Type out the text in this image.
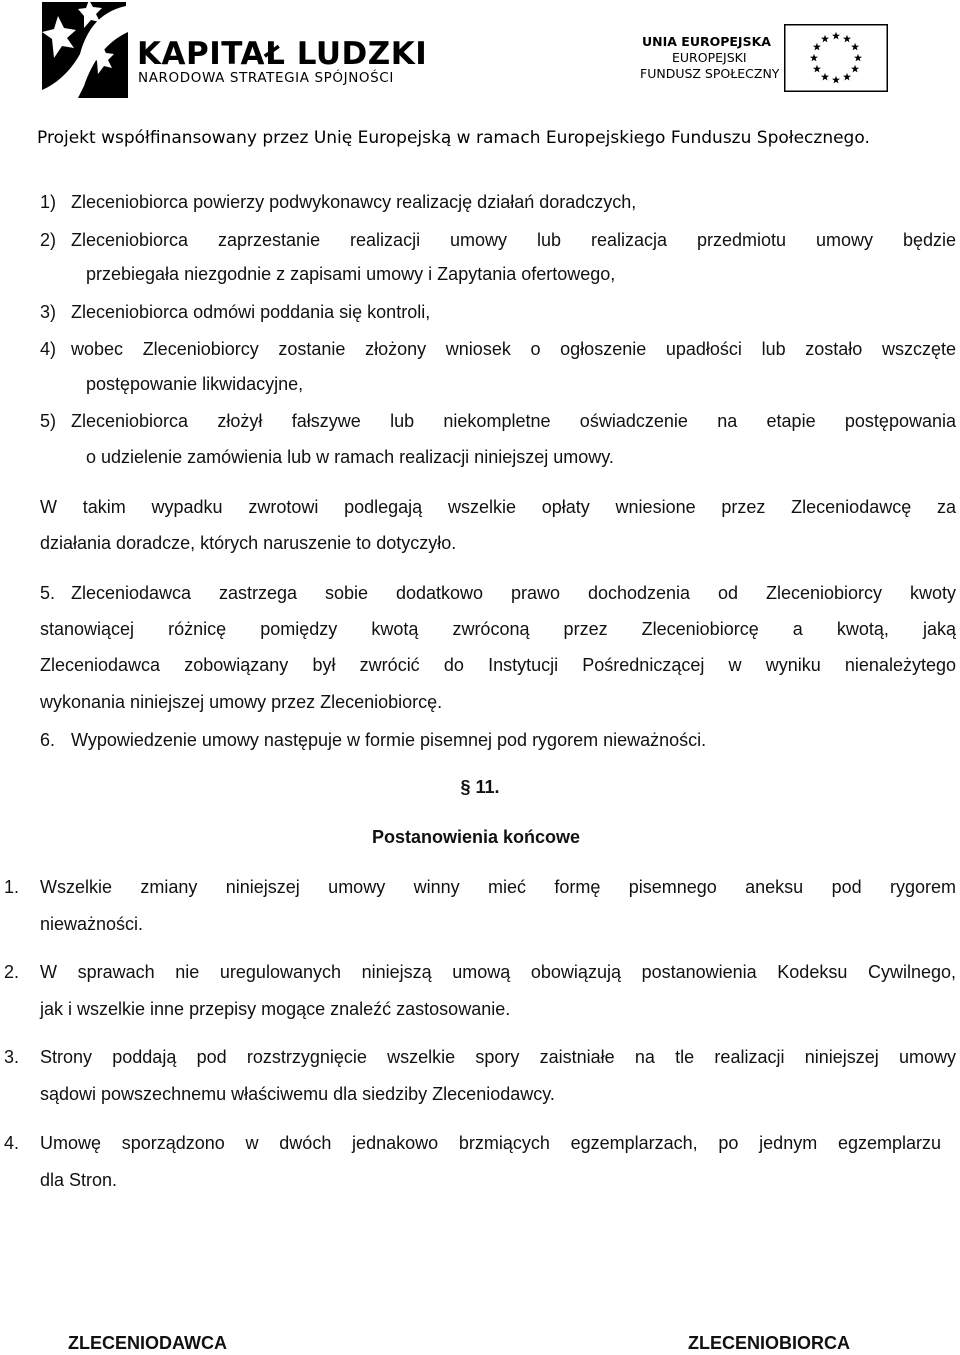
KAPITAŁ LUDZKI
NARODOWA STRATEGIA SPÓJNOŚCI
UNIA EUROPEJSKA
EUROPEJSKI
FUNDUSZ SPOŁECZNY
Projekt współfinansowany przez Unię Europejską w ramach Europejskiego Funduszu Społecznego.
1) Zleceniobiorca powierzy podwykonawcy realizację działań doradczych,
2) Zleceniobiorca zaprzestanie realizacji umowy lub realizacja przedmiotu umowy będzie
przebiegała niezgodnie z zapisami umowy i Zapytania ofertowego,
3) Zleceniobiorca odmówi poddania się kontroli,
4) wobec Zleceniobiorcy zostanie złożony wniosek o ogłoszenie upadłości lub zostało wszczęte
postępowanie likwidacyjne,
5) Zleceniobiorca złożył fałszywe lub niekompletne oświadczenie na etapie postępowania
o udzielenie zamówienia lub w ramach realizacji niniejszej umowy.
W takim wypadku zwrotowi podlegają wszelkie opłaty wniesione przez Zleceniodawcę za
działania doradcze, których naruszenie to dotyczyło.
5. Zleceniodawca zastrzega sobie dodatkowo prawo dochodzenia od Zleceniobiorcy kwoty
stanowiącej różnicę pomiędzy kwotą zwróconą przez Zleceniobiorcę a kwotą, jaką
Zleceniodawca zobowiązany był zwrócić do Instytucji Pośredniczącej w wyniku nienależytego
wykonania niniejszej umowy przez Zleceniobiorcę.
6. Wypowiedzenie umowy następuje w formie pisemnej pod rygorem nieważności.
§ 11.
Postanowienia końcowe
1. Wszelkie zmiany niniejszej umowy winny mieć formę pisemnego aneksu pod rygorem
nieważności.
2. W sprawach nie uregulowanych niniejszą umową obowiązują postanowienia Kodeksu Cywilnego,
jak i wszelkie inne przepisy mogące znaleźć zastosowanie.
3. Strony poddają pod rozstrzygnięcie wszelkie spory zaistniałe na tle realizacji niniejszej umowy
sądowi powszechnemu właściwemu dla siedziby Zleceniodawcy.
4. Umowę sporządzono w dwóch jednakowo brzmiących egzemplarzach, po jednym egzemplarzu
dla Stron.
ZLECENIODAWCA	ZLECENIOBIORCA
